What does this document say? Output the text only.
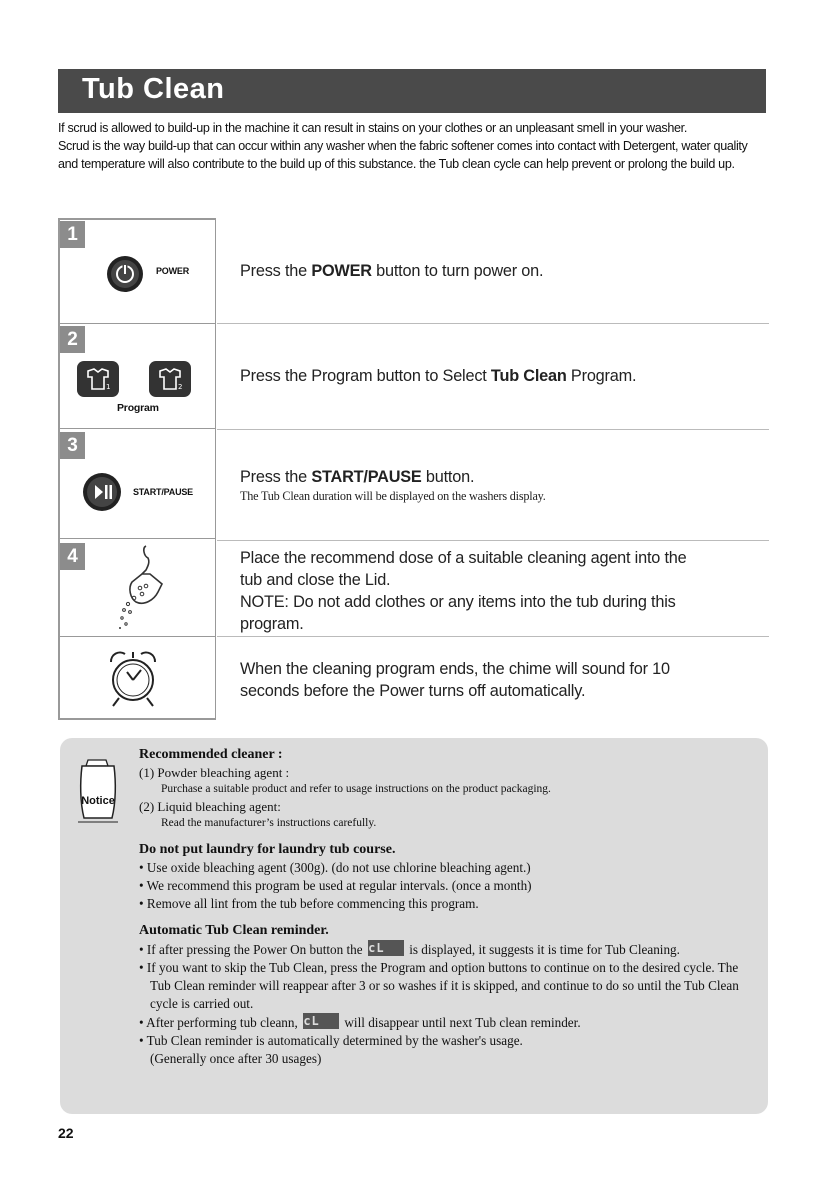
Tub Clean

If scrud is allowed to build-up in the machine it can result in stains on your clothes or an unpleasant smell in your washer.

Scrud is the way build-up that can occur within any washer when the fabric softener comes into contact with Detergent, water quality and temperature will also contribute to the build up of this substance. the Tub clean cycle can help prevent or prolong the build up.

1
POWER	Press the POWER button to turn power on.
2
1	2
Program
Press the Program button to Select Tub Clean Program.
3
START/PAUSE
Press the START/PAUSE button.
The Tub Clean duration will be displayed on the washers display.
4	Place the recommend dose of a suitable cleaning agent into the
tub and close the Lid.
NOTE: Do not add clothes or any items into the tub during this
program.
When the cleaning program ends, the chime will sound for 10
seconds before the Power turns off automatically.
Notice

Recommended cleaner :

(1) Powder bleaching agent :

Purchase a suitable product and refer to usage instructions on the product packaging.

(2) Liquid bleaching agent:

Read the manufacturer’s instructions carefully.

Do not put laundry for laundry tub course.

• Use oxide bleaching agent (300g). (do not use chlorine bleaching agent.)

• We recommend this program be used at regular intervals. (once a month)

• Remove all lint from the tub before commencing this program.

Automatic Tub Clean reminder.

• If after pressing the Power On button the
tcL is displayed, it suggests it is time for Tub Cleaning.

• If you want to skip the Tub Clean, press the Program and option buttons to continue on to the desired cycle. The Tub Clean reminder will reappear after 3 or so washes if it is skipped, and continue to do so until the Tub Clean cycle is carried out.

• After performing tub cleann,
tcL will disappear until next Tub clean reminder.

• Tub Clean reminder is automatically determined by the washer's usage.

(Generally once after 30 usages)

22
